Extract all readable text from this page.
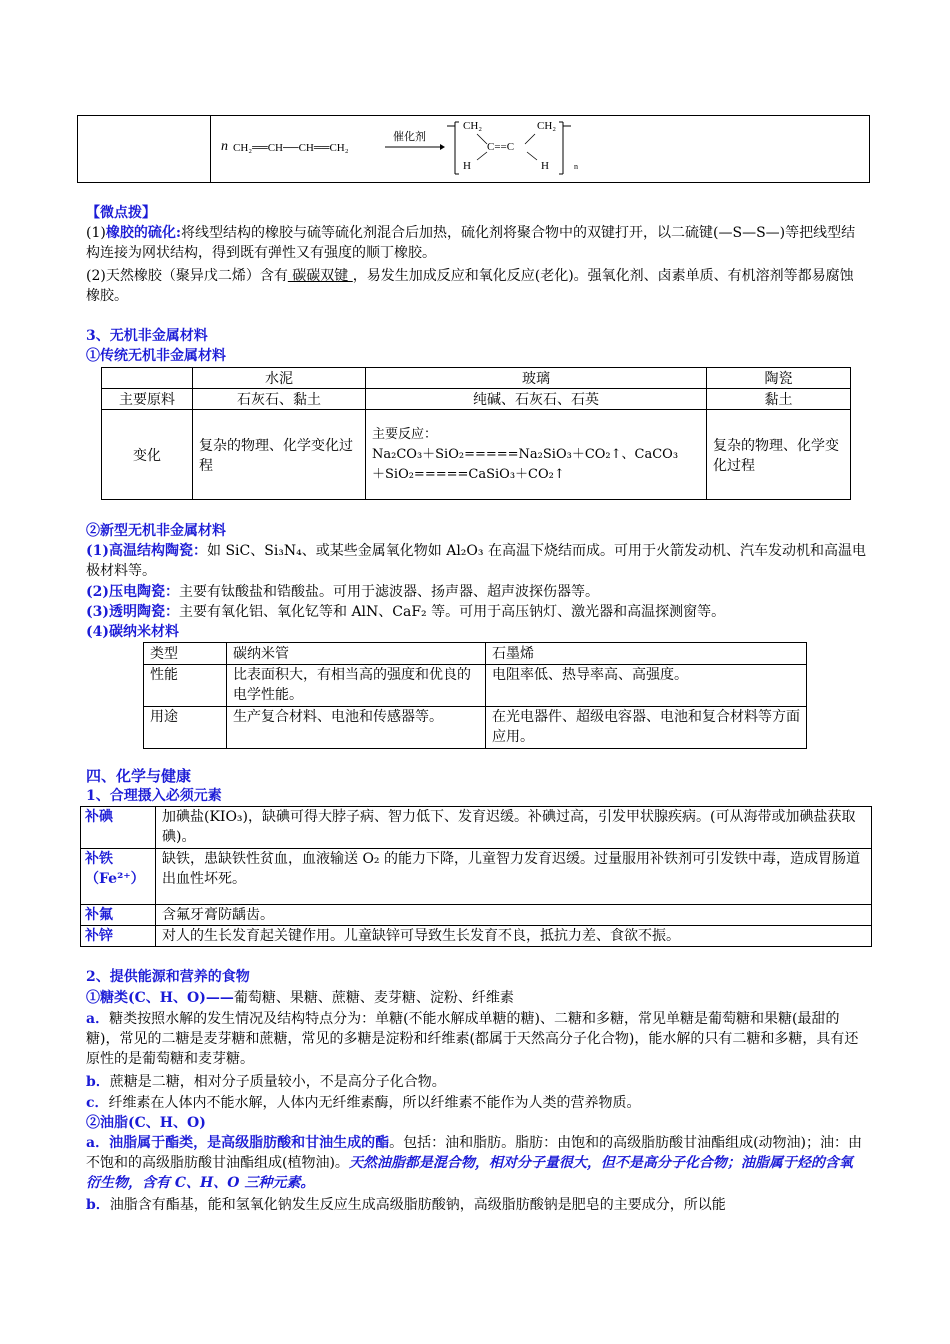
n CH₂══CH──CH══CH₂
催化剂
CH₂
C==C
CH₂
H	H	n
【微点拨】
(1)橡胶的硫化:将线型结构的橡胶与硫等硫化剂混合后加热，硫化剂将聚合物中的双键打开，以二硫键(—S—S—)等把线型结构连接为网状结构，得到既有弹性又有强度的顺丁橡胶。
(2)天然橡胶（聚异戊二烯）含有 碳碳双键 ，易发生加成反应和氧化反应(老化)。强氧化剂、卤素单质、有机溶剂等都易腐蚀橡胶。
3、无机非金属材料
①传统无机非金属材料
	水泥	玻璃	陶瓷
主要原料	石灰石、黏土	纯碱、石灰石、石英	黏土
变化	复杂的物理、化学变化过程	主要反应：
Na₂CO₃＋SiO₂=====Na₂SiO₃＋CO₂↑、CaCO₃
＋SiO₂=====CaSiO₃＋CO₂↑	复杂的物理、化学变化过程
②新型无机非金属材料
(1)高温结构陶瓷：如 SiC、Si₃N₄、或某些金属氧化物如 Al₂O₃ 在高温下烧结而成。可用于火箭发动机、汽车发动机和高温电极材料等。
(2)压电陶瓷：主要有钛酸盐和锆酸盐。可用于滤波器、扬声器、超声波探伤器等。
(3)透明陶瓷：主要有氧化铝、氧化钇等和 AlN、CaF₂ 等。可用于高压钠灯、激光器和高温探测窗等。
(4)碳纳米材料
类型	碳纳米管	石墨烯
性能	比表面积大，有相当高的强度和优良的电学性能。	电阻率低、热导率高、高强度。
用途	生产复合材料、电池和传感器等。	在光电器件、超级电容器、电池和复合材料等方面应用。
四、化学与健康
1、合理摄入必须元素
补碘	加碘盐(KIO₃)，缺碘可得大脖子病、智力低下、发育迟缓。补碘过高，引发甲状腺疾病。(可从海带或加碘盐获取碘)。
补铁（Fe²⁺）	缺铁，患缺铁性贫血，血液输送 O₂ 的能力下降，儿童智力发育迟缓。过量服用补铁剂可引发铁中毒，造成胃肠道出血性坏死。
补氟	含氟牙膏防龋齿。
补锌	对人的生长发育起关键作用。儿童缺锌可导致生长发育不良，抵抗力差、食欲不振。
2、提供能源和营养的食物
①糖类(C、H、O)——葡萄糖、果糖、蔗糖、麦芽糖、淀粉、纤维素
a．糖类按照水解的发生情况及结构特点分为：单糖(不能水解成单糖的糖)、二糖和多糖，常见单糖是葡萄糖和果糖(最甜的糖)，常见的二糖是麦芽糖和蔗糖，常见的多糖是淀粉和纤维素(都属于天然高分子化合物)，能水解的只有二糖和多糖，具有还原性的是葡萄糖和麦芽糖。
b．蔗糖是二糖，相对分子质量较小，不是高分子化合物。
c．纤维素在人体内不能水解，人体内无纤维素酶，所以纤维素不能作为人类的营养物质。
②油脂(C、H、O)
a．油脂属于酯类，是高级脂肪酸和甘油生成的酯。包括：油和脂肪。脂肪：由饱和的高级脂肪酸甘油酯组成(动物油)；油：由不饱和的高级脂肪酸甘油酯组成(植物油)。天然油脂都是混合物，相对分子量很大，但不是高分子化合物；油脂属于烃的含氧衍生物，含有 C、H、O 三种元素。
b．油脂含有酯基，能和氢氧化钠发生反应生成高级脂肪酸钠，高级脂肪酸钠是肥皂的主要成分，所以能
